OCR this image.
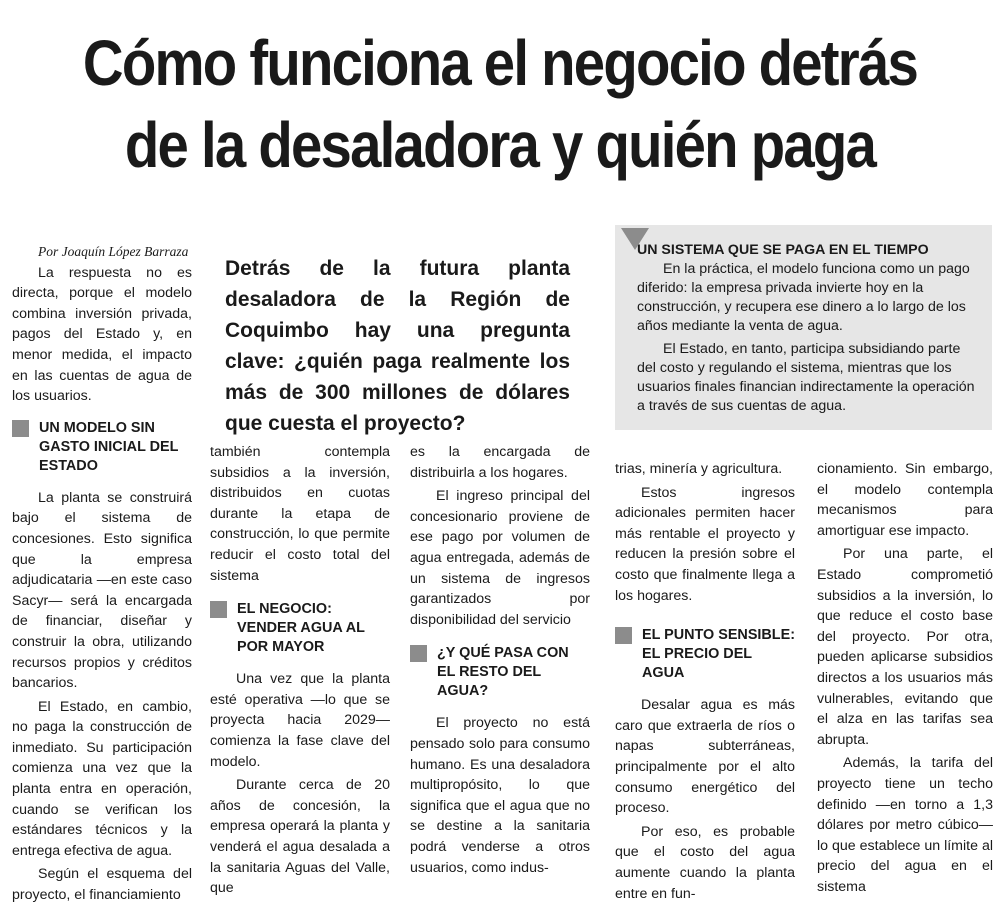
Cómo funciona el negocio detrás
de la desaladora y quién paga

Por Joaquín López Barraza

La respuesta no es directa, porque el modelo combina inversión privada, pagos del Estado y, en menor medida, el impacto en las cuentas de agua de los usuarios.

UN MODELO SIN GASTO INICIAL DEL ESTADO

La planta se construirá bajo el sistema de concesiones. Esto significa que la empresa adjudicataria —en este caso Sacyr— será la encargada de financiar, diseñar y construir la obra, utilizando recursos propios y créditos bancarios.

El Estado, en cambio, no paga la construcción de inmediato. Su participación comienza una vez que la planta entra en operación, cuando se verifican los estándares técnicos y la entrega efectiva de agua.

Según el esquema del proyecto, el financiamiento

Detrás de la futura planta desaladora de la Región de Coquimbo hay una pregunta clave: ¿quién paga realmente los más de 300 millones de dólares que cuesta el proyecto?

UN SISTEMA QUE SE PAGA EN EL TIEMPO

En la práctica, el modelo funciona como un pago diferido: la empresa privada invierte hoy en la construcción, y recupera ese dinero a lo largo de los años mediante la venta de agua.

El Estado, en tanto, participa subsidiando parte del costo y regulando el sistema, mientras que los usuarios finales financian indirectamente la operación a través de sus cuentas de agua.

también contempla subsidios a la inversión, distribuidos en cuotas durante la etapa de construcción, lo que permite reducir el costo total del sistema

EL NEGOCIO: VENDER AGUA AL POR MAYOR

Una vez que la planta esté operativa —lo que se proyecta hacia 2029— comienza la fase clave del modelo.

Durante cerca de 20 años de concesión, la empresa operará la planta y venderá el agua desalada a la sanitaria Aguas del Valle, que

es la encargada de distribuirla a los hogares.

El ingreso principal del concesionario proviene de ese pago por volumen de agua entregada, además de un sistema de ingresos garantizados por disponibilidad del servicio

¿Y QUÉ PASA CON EL RESTO DEL AGUA?

El proyecto no está pensado solo para consumo humano. Es una desaladora multipropósito, lo que significa que el agua que no se destine a la sanitaria podrá venderse a otros usuarios, como indus-

trias, minería y agricultura.

Estos ingresos adicionales permiten hacer más rentable el proyecto y reducen la presión sobre el costo que finalmente llega a los hogares.

EL PUNTO SENSIBLE: EL PRECIO DEL AGUA

Desalar agua es más caro que extraerla de ríos o napas subterráneas, principalmente por el alto consumo energético del proceso.

Por eso, es probable que el costo del agua aumente cuando la planta entre en fun-

cionamiento. Sin embargo, el modelo contempla mecanismos para amortiguar ese impacto.

Por una parte, el Estado comprometió subsidios a la inversión, lo que reduce el costo base del proyecto. Por otra, pueden aplicarse subsidios directos a los usuarios más vulnerables, evitando que el alza en las tarifas sea abrupta.

Además, la tarifa del proyecto tiene un techo definido —en torno a 1,3 dólares por metro cúbico— lo que establece un límite al precio del agua en el sistema
